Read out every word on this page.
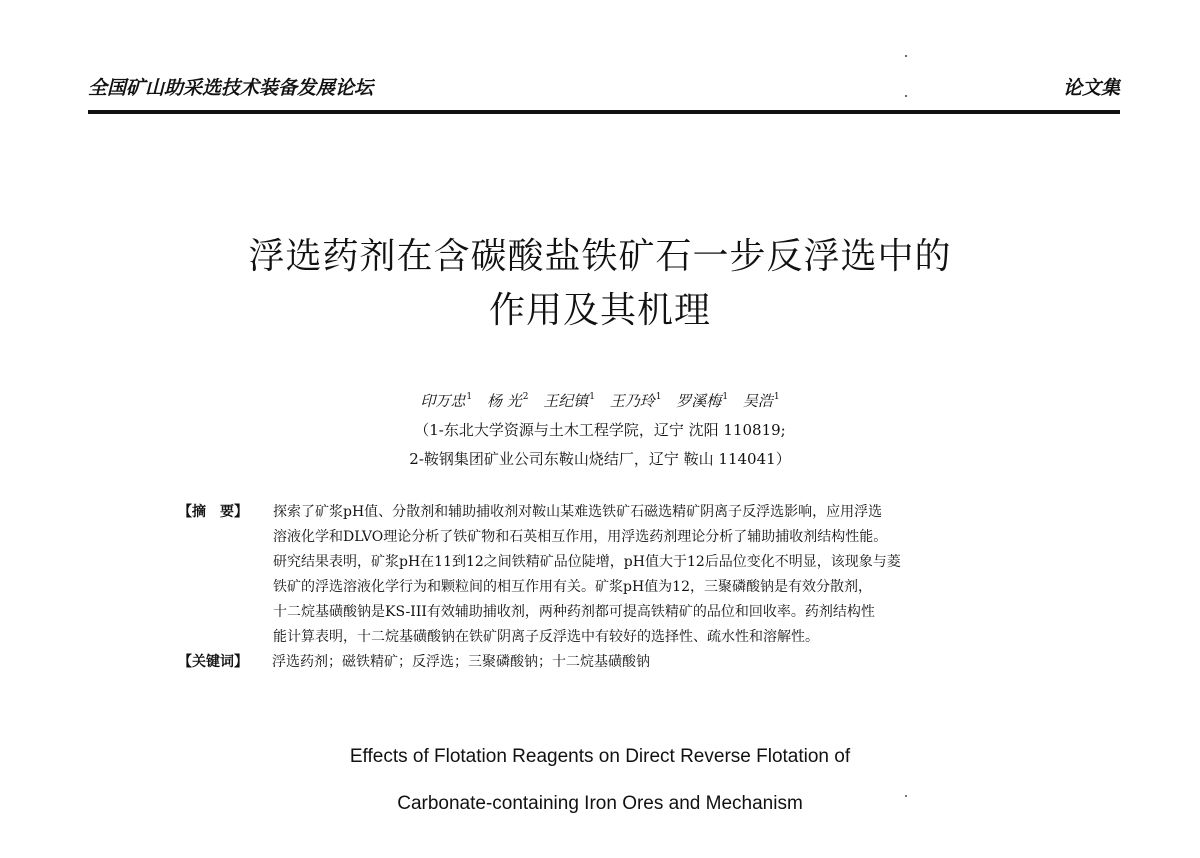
全国矿山助采选技术装备发展论坛	论文集
浮选药剂在含碳酸盐铁矿石一步反浮选中的
作用及其机理
印万忠$^1$ 杨 光$^2$ 王纪镇$^1$ 王乃玲$^1$ 罗溪梅$^1$ 吴浩$^1$
（1-东北大学资源与土木工程学院，辽宁 沈阳 110819;
2-鞍钢集团矿业公司东鞍山烧结厂，辽宁 鞍山 114041）
【摘　要】 探索了矿浆pH值、分散剂和辅助捕收剂对鞍山某难选铁矿石磁选精矿阴离子反浮选影响，应用浮选
溶液化学和DLVO理论分析了铁矿物和石英相互作用，用浮选药剂理论分析了辅助捕收剂结构性能。
研究结果表明，矿浆pH在11到12之间铁精矿品位陡增，pH值大于12后品位变化不明显，该现象与菱
铁矿的浮选溶液化学行为和颗粒间的相互作用有关。矿浆pH值为12，三聚磷酸钠是有效分散剂，
十二烷基磺酸钠是KS-III有效辅助捕收剂，两种药剂都可提高铁精矿的品位和回收率。药剂结构性
能计算表明，十二烷基磺酸钠在铁矿阴离子反浮选中有较好的选择性、疏水性和溶解性。
【关键词】 浮选药剂；磁铁精矿；反浮选；三聚磷酸钠；十二烷基磺酸钠
Effects of Flotation Reagents on Direct Reverse Flotation of
Carbonate-containing Iron Ores and Mechanism
